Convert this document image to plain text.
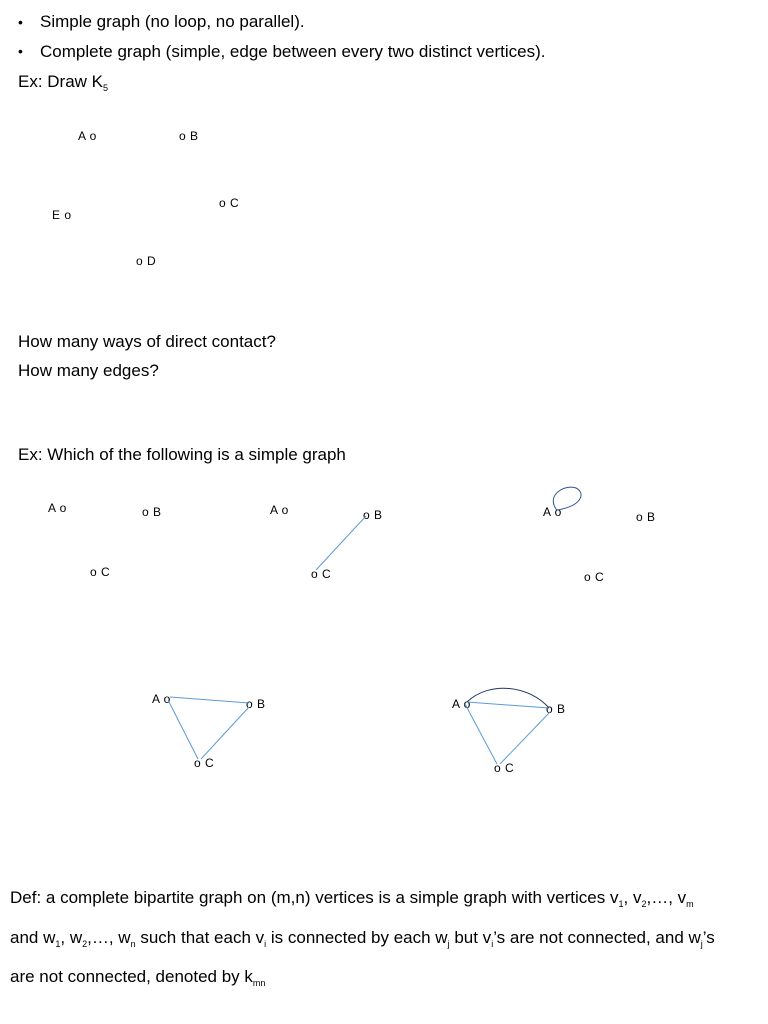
• Simple graph (no loop, no parallel).
• Complete graph (simple, edge between every two distinct vertices).
Ex: Draw $K_5$
A o	o B
o C
E o
o D
How many ways of direct contact?
How many edges?
Ex: Which of the following is a simple graph
A o	o B
o C
A o	o B
o C
A o	o B
o C
A o	o B
o C
A o	o B
o C
Def: a complete bipartite graph on (m,n) vertices is a simple graph with vertices $v_1$, $v_2,\dots$, $v_m$
and $w_1$, $w_2,\dots$, $w_n$ such that each $v_i$ is connected by each $w_j$ but $v_i’s$ are not connected, and $w_j’s$
are not connected, denoted by $k_{mn}$
